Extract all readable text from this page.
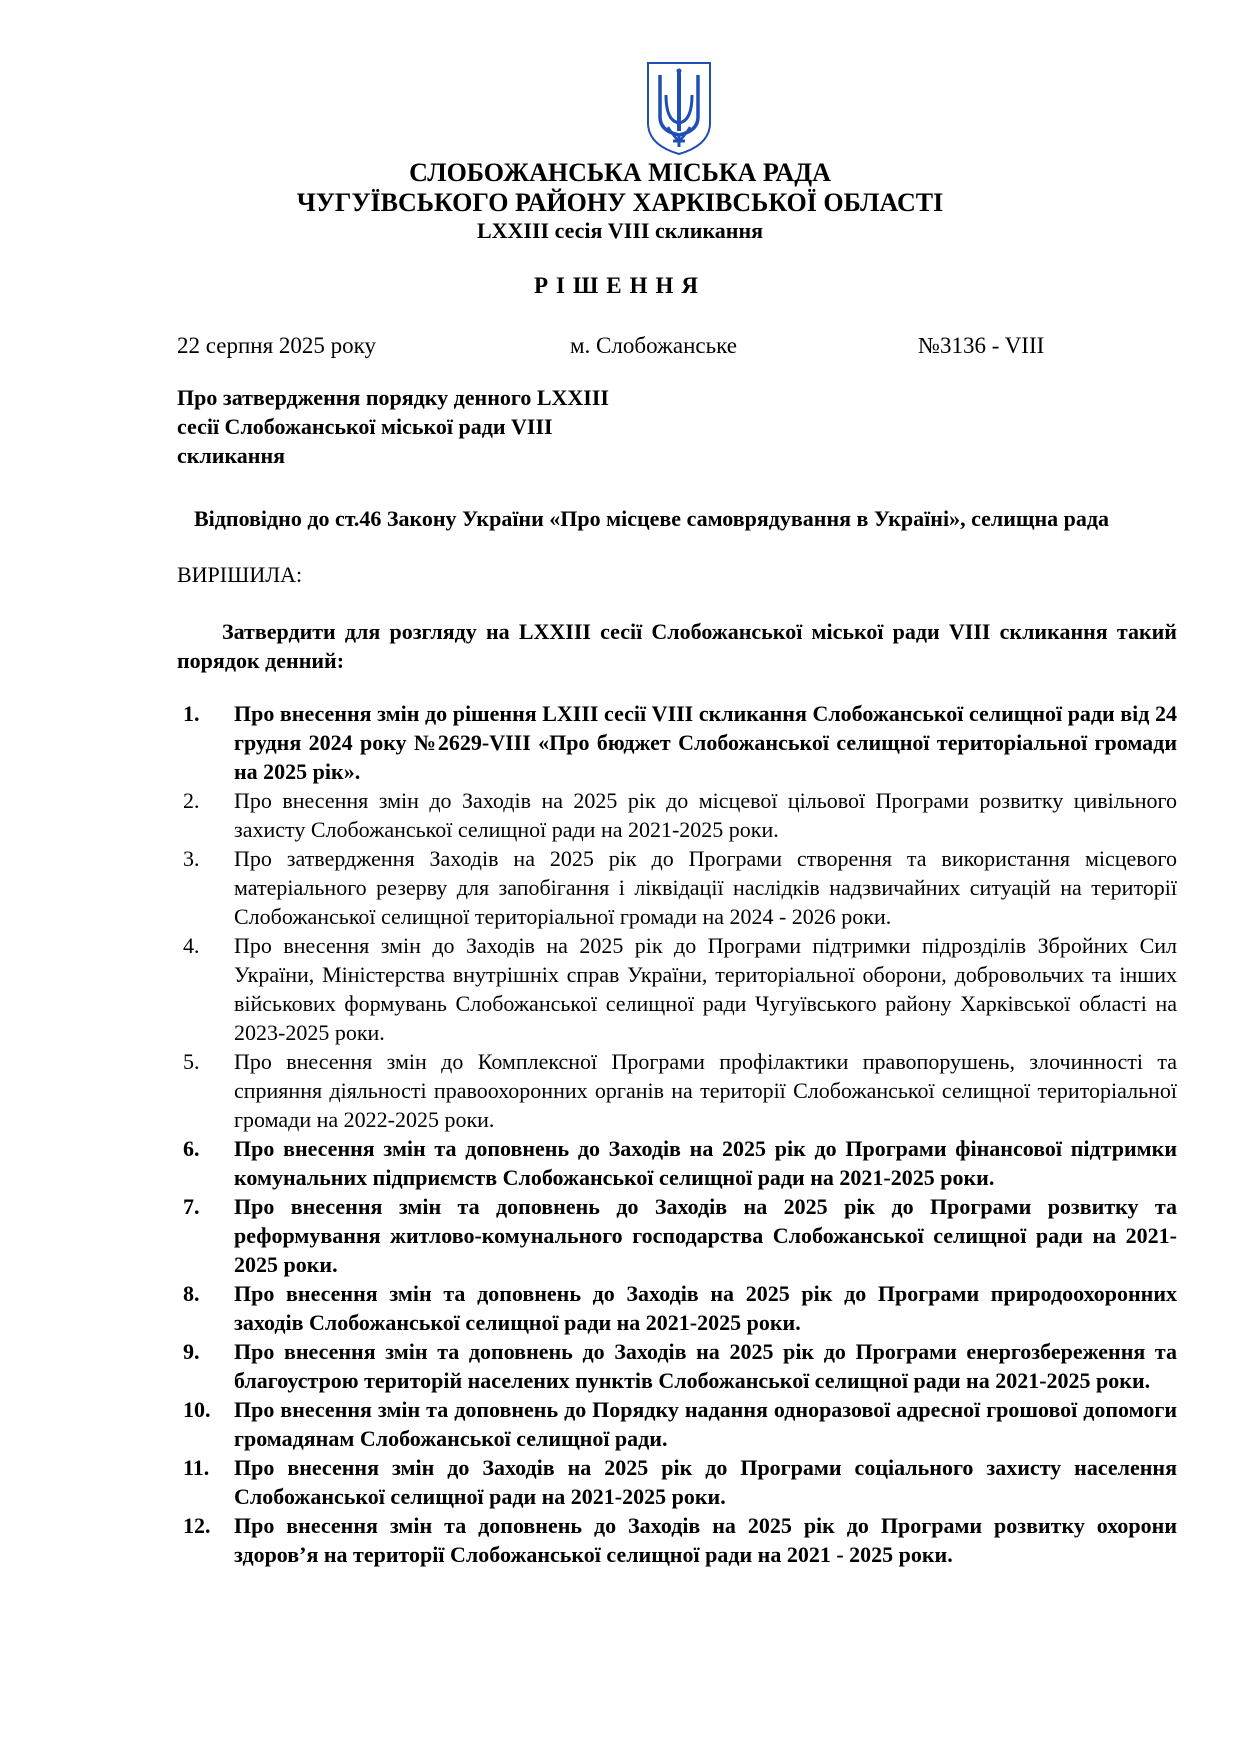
СЛОБОЖАНСЬКА МІСЬКА РАДА
ЧУГУЇВСЬКОГО РАЙОНУ ХАРКІВСЬКОЇ ОБЛАСТІ
LXXIII сесія VIII скликання
РІШЕННЯ
22 серпня 2025 року	м. Слобожанське	№3136 - VIII
Про затвердження порядку денного LXXIII сесії Слобожанської міської ради VIII скликання
Відповідно до ст.46 Закону України «Про місцеве самоврядування в Україні», селищна рада
ВИРІШИЛА:
Затвердити для розгляду на LXXIII сесії Слобожанської міської ради VIII скликання такий порядок денний:
1.	Про внесення змін до рішення LXIII сесії VIII скликання Слобожанської селищної ради від 24 грудня 2024 року №2629-VIII «Про бюджет Слобожанської селищної територіальної громади на 2025 рік».
2.	Про внесення змін до Заходів на 2025 рік до місцевої цільової Програми розвитку цивільного захисту Слобожанської селищної ради на 2021-2025 роки.
3.	Про затвердження Заходів на 2025 рік до Програми створення та використання місцевого матеріального резерву для запобігання і ліквідації наслідків надзвичайних ситуацій на території Слобожанської селищної територіальної громади на 2024 - 2026 роки.
4.	Про внесення змін до Заходів на 2025 рік до Програми підтримки підрозділів Збройних Сил України, Міністерства внутрішніх справ України, територіальної оборони, добровольчих та інших військових формувань Слобожанської селищної ради Чугуївського району Харківської області на 2023-2025 роки.
5.	Про внесення змін до Комплексної Програми профілактики правопорушень, злочинності та сприяння діяльності правоохоронних органів на території Слобожанської селищної територіальної громади на 2022-2025 роки.
6.	Про внесення змін та доповнень до Заходів на 2025 рік до Програми фінансової підтримки комунальних підприємств Слобожанської селищної ради на 2021-2025 роки.
7.	Про внесення змін та доповнень до Заходів на 2025 рік до Програми розвитку та реформування житлово-комунального господарства Слобожанської селищної ради на 2021-2025 роки.
8.	Про внесення змін та доповнень до Заходів на 2025 рік до Програми природоохоронних заходів Слобожанської селищної ради на 2021-2025 роки.
9.	Про внесення змін та доповнень до Заходів на 2025 рік до Програми енергозбереження та благоустрою територій населених пунктів Слобожанської селищної ради на 2021-2025 роки.
10.	Про внесення змін та доповнень до Порядку надання одноразової адресної грошової допомоги громадянам Слобожанської селищної ради.
11.	Про внесення змін до Заходів на 2025 рік до Програми соціального захисту населення Слобожанської селищної ради на 2021-2025 роки.
12.	Про внесення змін та доповнень до Заходів на 2025 рік до Програми розвитку охорони здоров’я на території Слобожанської селищної ради на 2021 - 2025 роки.
